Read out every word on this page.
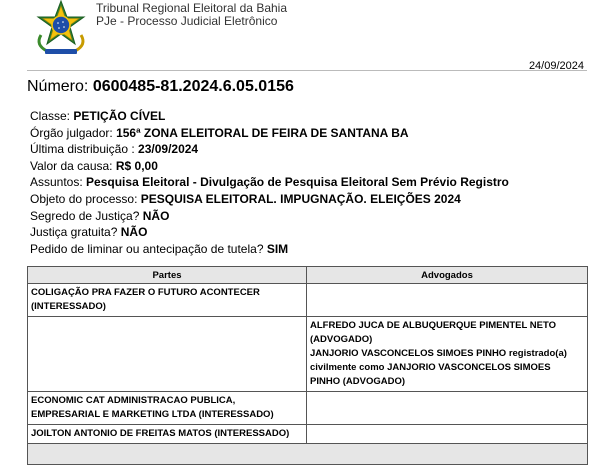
Tribunal Regional Eleitoral da Bahia
PJe - Processo Judicial Eletrônico
24/09/2024
Número: 0600485-81.2024.6.05.0156
Classe: PETIÇÃO CÍVEL
Órgão julgador: 156ª ZONA ELEITORAL DE FEIRA DE SANTANA BA
Última distribuição : 23/09/2024
Valor da causa: R$ 0,00
Assuntos: Pesquisa Eleitoral - Divulgação de Pesquisa Eleitoral Sem Prévio Registro
Objeto do processo: PESQUISA ELEITORAL. IMPUGNAÇÃO. ELEIÇÕES 2024
Segredo de Justiça? NÃO
Justiça gratuita? NÃO
Pedido de liminar ou antecipação de tutela? SIM
Partes	Advogados
COLIGAÇÃO PRA FAZER O FUTURO ACONTECER (INTERESSADO)	

	ALFREDO JUCA DE ALBUQUERQUE PIMENTEL NETO
(ADVOGADO)
JANJORIO VASCONCELOS SIMOES PINHO registrado(a)
civilmente como JANJORIO VASCONCELOS SIMOES
PINHO (ADVOGADO)

ECONOMIC CAT ADMINISTRACAO PUBLICA,
EMPRESARIAL E MARKETING LTDA (INTERESSADO)	

JOILTON ANTONIO DE FREITAS MATOS (INTERESSADO)	
